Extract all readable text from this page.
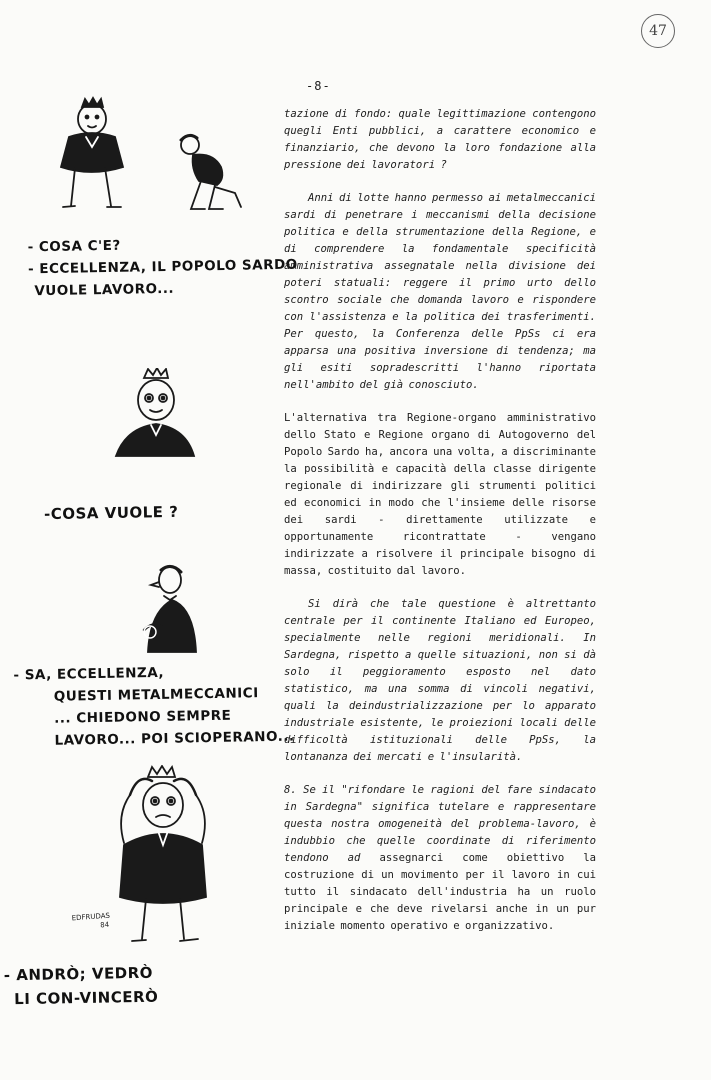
47
-8-
- COSA C'E?
- ECCELLENZA, IL POPOLO SARDO
VUOLE LAVORO...
-COSA VUOLE ?
- SA, ECCELLENZA,
QUESTI METALMECCANICI
... CHIEDONO SEMPRE
LAVORO... POI SCIOPERANO...
EDFRUDAS
84
- ANDRÒ; VEDRÒ
LI CON-VINCERÒ

tazione di fondo: quale legittimazione contengono quegli Enti pubblici, a carattere economico e finanziario, che devono la loro fondazione alla pressione dei lavoratori ?

Anni di lotte hanno permesso ai metalmeccanici sardi di penetrare i meccanismi della decisione politica e della strumentazione della Regione, e di comprendere la fondamentale specificità amministrativa assegnatale nella divisione dei poteri statuali: reggere il primo urto dello scontro sociale che domanda lavoro e rispondere con l'assistenza e la politica dei trasferimenti. Per questo, la Conferenza delle PpSs ci era apparsa una positiva inversione di tendenza; ma gli esiti sopradescritti l'hanno riportata nell'ambito del già conosciuto.

L'alternativa tra Regione-organo amministrativo dello Stato e Regione organo di Autogoverno del Popolo Sardo ha, ancora una volta, a discriminante la possibilità e capacità della classe dirigente regionale di indirizzare gli strumenti politici ed economici in modo che l'insieme delle risorse dei sardi - direttamente utilizzate e opportunamente ricontrattate - vengano indirizzate a risolvere il principale bisogno di massa, costituito dal lavoro.

Si dirà che tale questione è altrettanto centrale per il continente Italiano ed Europeo, specialmente nelle regioni meridionali. In Sardegna, rispetto a quelle situazioni, non si dà solo il peggioramento esposto nel dato statistico, ma una somma di vincoli negativi, quali la deindustrializzazione per lo apparato industriale esistente, le proiezioni locali delle difficoltà istituzionali delle PpSs, la lontananza dei mercati e l'insularità.

8. Se il "rifondare le ragioni del fare sindacato in Sardegna" significa tutelare e rappresentare questa nostra omogeneità del problema-lavoro, è indubbio che quelle coordinate di riferimento tendono ad assegnarci come obiettivo la costruzione di un movimento per il lavoro in cui tutto il sindacato dell'industria ha un ruolo principale e che deve rivelarsi anche in un pur iniziale momento operativo e organizzativo.
